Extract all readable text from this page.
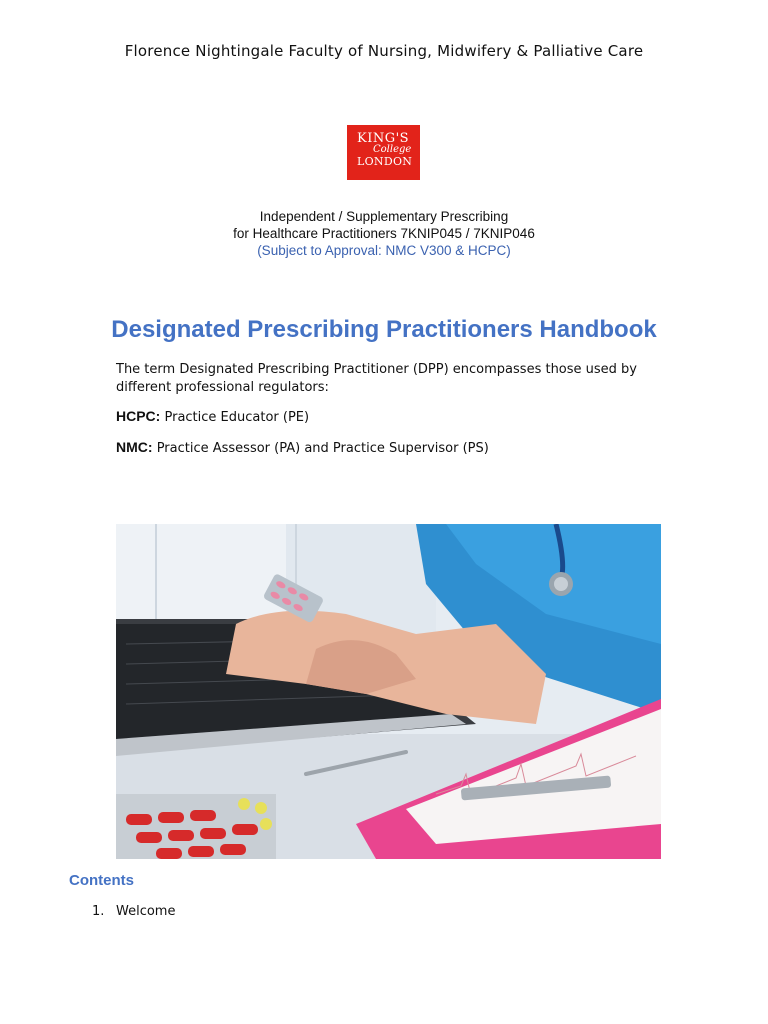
Florence Nightingale Faculty of Nursing, Midwifery & Palliative Care
KING'S
College
LONDON
Independent / Supplementary Prescribing
for Healthcare Practitioners 7KNIP045 / 7KNIP046
(Subject to Approval: NMC V300 & HCPC)
Designated Prescribing Practitioners Handbook
The term Designated Prescribing Practitioner (DPP) encompasses those used by different professional regulators:
HCPC: Practice Educator (PE)
NMC: Practice Assessor (PA) and Practice Supervisor (PS)
Contents
1. Welcome
